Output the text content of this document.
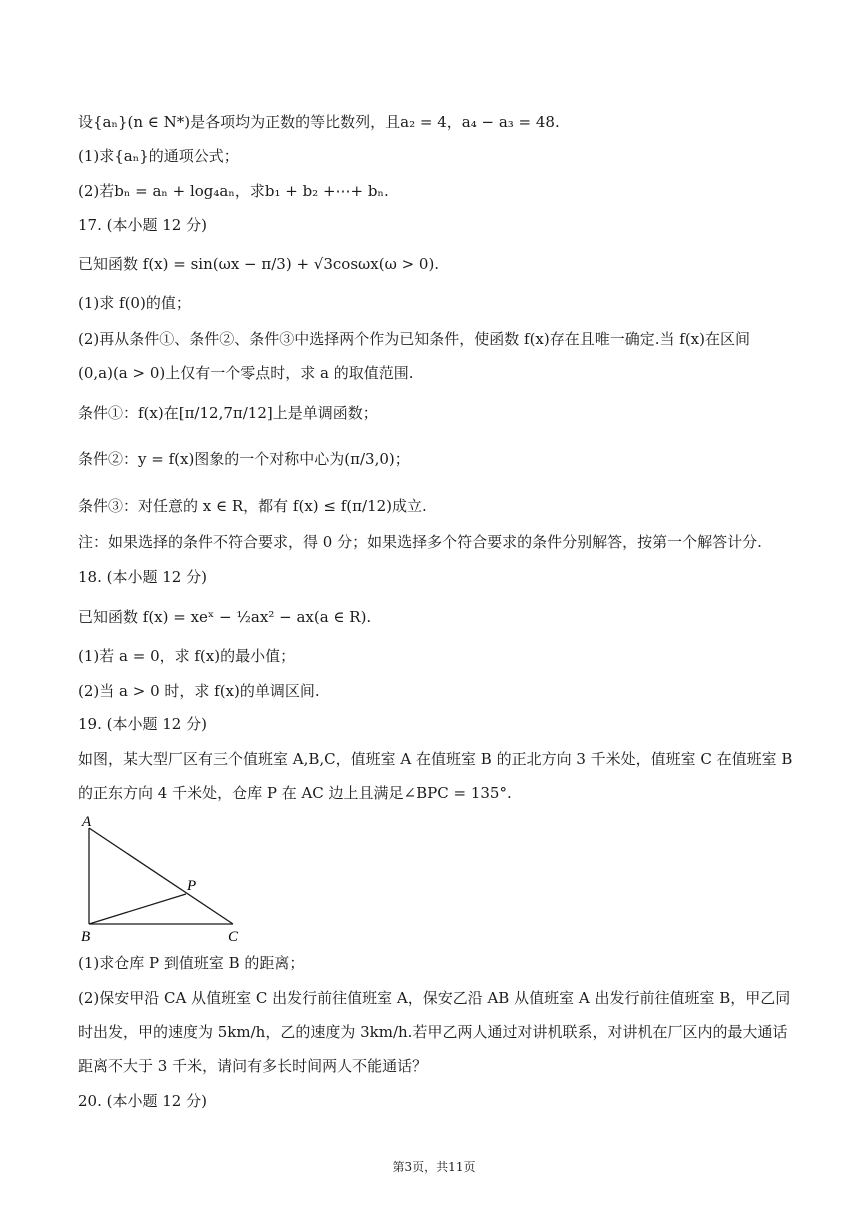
设{aₙ}(n ∈ N*)是各项均为正数的等比数列，且a₂ = 4，a₄ − a₃ = 48.
(1)求{aₙ}的通项公式；
(2)若bₙ = aₙ + log₄aₙ，求b₁ + b₂ +⋯+ bₙ.
17. (本小题 12 分)
已知函数 f(x) = sin(ωx − π/3) + √3cosωx(ω > 0).
(1)求 f(0)的值；
(2)再从条件①、条件②、条件③中选择两个作为已知条件，使函数 f(x)存在且唯一确定.当 f(x)在区间
(0,a)(a > 0)上仅有一个零点时，求 a 的取值范围.
条件①：f(x)在[π/12,7π/12]上是单调函数；
条件②：y = f(x)图象的一个对称中心为(π/3,0)；
条件③：对任意的 x ∈ R，都有 f(x) ≤ f(π/12)成立.
注：如果选择的条件不符合要求，得 0 分；如果选择多个符合要求的条件分别解答，按第一个解答计分.
18. (本小题 12 分)
已知函数 f(x) = xeˣ − ½ax² − ax(a ∈ R).
(1)若 a = 0，求 f(x)的最小值；
(2)当 a > 0 时，求 f(x)的单调区间.
19. (本小题 12 分)
如图，某大型厂区有三个值班室 A,B,C，值班室 A 在值班室 B 的正北方向 3 千米处，值班室 C 在值班室 B
的正东方向 4 千米处，仓库 P 在 AC 边上且满足∠BPC = 135°.
A
P
B	C
(1)求仓库 P 到值班室 B 的距离；
(2)保安甲沿 CA 从值班室 C 出发行前往值班室 A，保安乙沿 AB 从值班室 A 出发行前往值班室 B，甲乙同
时出发，甲的速度为 5km/h，乙的速度为 3km/h.若甲乙两人通过对讲机联系，对讲机在厂区内的最大通话
距离不大于 3 千米，请问有多长时间两人不能通话？
20. (本小题 12 分)
第3页，共11页
